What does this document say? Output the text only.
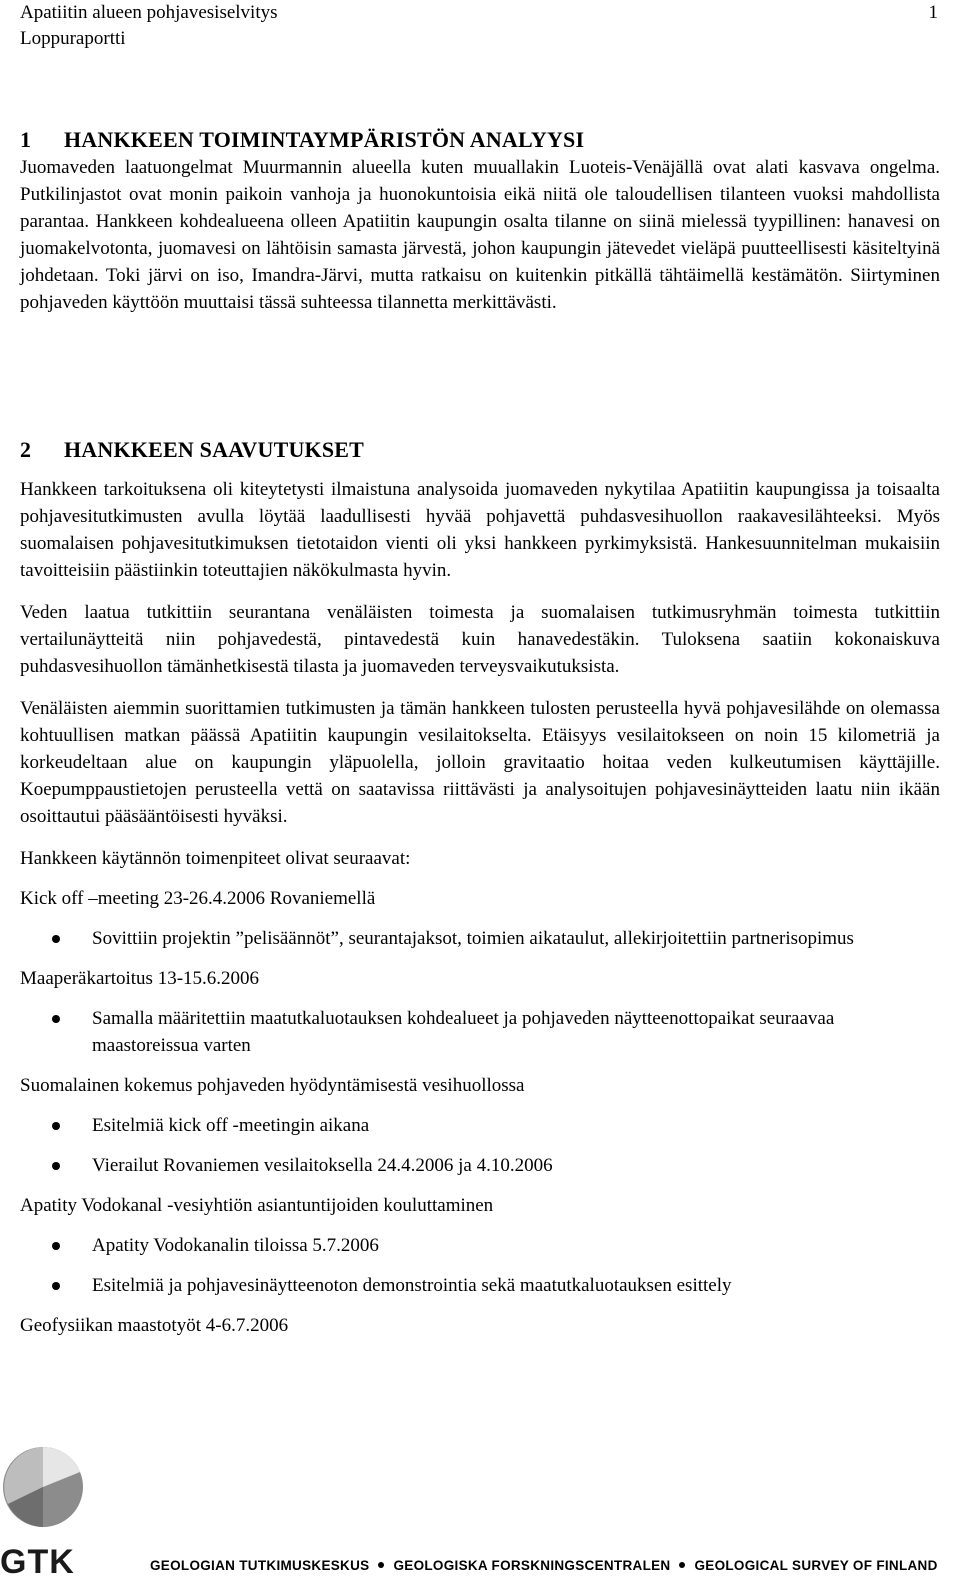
Apatiitin alueen pohjavesiselvitys
Loppuraportti
1
1	HANKKEEN TOIMINTAYMPÄRISTÖN ANALYYSI

Juomaveden laatuongelmat Muurmannin alueella kuten muuallakin Luoteis-Venäjällä ovat alati kasvava ongelma. Putkilinjastot ovat monin paikoin vanhoja ja huonokuntoisia eikä niitä ole taloudellisen tilanteen vuoksi mahdollista parantaa. Hankkeen kohdealueena olleen Apatiitin kaupungin osalta tilanne on siinä mielessä tyypillinen: hanavesi on juomakelvotonta, juomavesi on lähtöisin samasta järvestä, johon kaupungin jätevedet vieläpä puutteellisesti käsiteltyinä johdetaan. Toki järvi on iso, Imandra-Järvi, mutta ratkaisu on kuitenkin pitkällä tähtäimellä kestämätön. Siirtyminen pohjaveden käyttöön muuttaisi tässä suhteessa tilannetta merkittävästi.

2	HANKKEEN SAAVUTUKSET

Hankkeen tarkoituksena oli kiteytetysti ilmaistuna analysoida juomaveden nykytilaa Apatiitin kaupungissa ja toisaalta pohjavesitutkimusten avulla löytää laadullisesti hyvää pohjavettä puhdasvesihuollon raakavesilähteeksi. Myös suomalaisen pohjavesitutkimuksen tietotaidon vienti oli yksi hankkeen pyrkimyksistä. Hankesuunnitelman mukaisiin tavoitteisiin päästiinkin toteuttajien näkökulmasta hyvin.

Veden laatua tutkittiin seurantana venäläisten toimesta ja suomalaisen tutkimusryhmän toimesta tutkittiin vertailunäytteitä niin pohjavedestä, pintavedestä kuin hanavedestäkin. Tuloksena saatiin kokonaiskuva puhdasvesihuollon tämänhetkisestä tilasta ja juomaveden terveysvaikutuksista.

Venäläisten aiemmin suorittamien tutkimusten ja tämän hankkeen tulosten perusteella hyvä pohjavesilähde on olemassa kohtuullisen matkan päässä Apatiitin kaupungin vesilaitokselta. Etäisyys vesilaitokseen on noin 15 kilometriä ja korkeudeltaan alue on kaupungin yläpuolella, jolloin gravitaatio hoitaa veden kulkeutumisen käyttäjille. Koepumppaustietojen perusteella vettä on saatavissa riittävästi ja analysoitujen pohjavesinäytteiden laatu niin ikään osoittautui pääsääntöisesti hyväksi.

Hankkeen käytännön toimenpiteet olivat seuraavat:

Kick off –meeting 23-26.4.2006 Rovaniemellä

Sovittiin projektin ”pelisäännöt”, seurantajaksot, toimien aikataulut, allekirjoitettiin partnerisopimus

Maaperäkartoitus 13-15.6.2006

Samalla määritettiin maatutkaluotauksen kohdealueet ja pohjaveden näytteenottopaikat seuraavaa maastoreissua varten

Suomalainen kokemus pohjaveden hyödyntämisestä vesihuollossa

Esitelmiä kick off -meetingin aikana
Vierailut Rovaniemen vesilaitoksella 24.4.2006 ja 4.10.2006

Apatity Vodokanal -vesiyhtiön asiantuntijoiden kouluttaminen

Apatity Vodokanalin tiloissa 5.7.2006
Esitelmiä ja pohjavesinäytteenoton demonstrointia sekä maatutkaluotauksen esittely

Geofysiikan maastotyöt 4-6.7.2006

GTK	GEOLOGIAN TUTKIMUSKESKUS GEOLOGISKA FORSKNINGSCENTRALEN GEOLOGICAL SURVEY OF FINLAND
